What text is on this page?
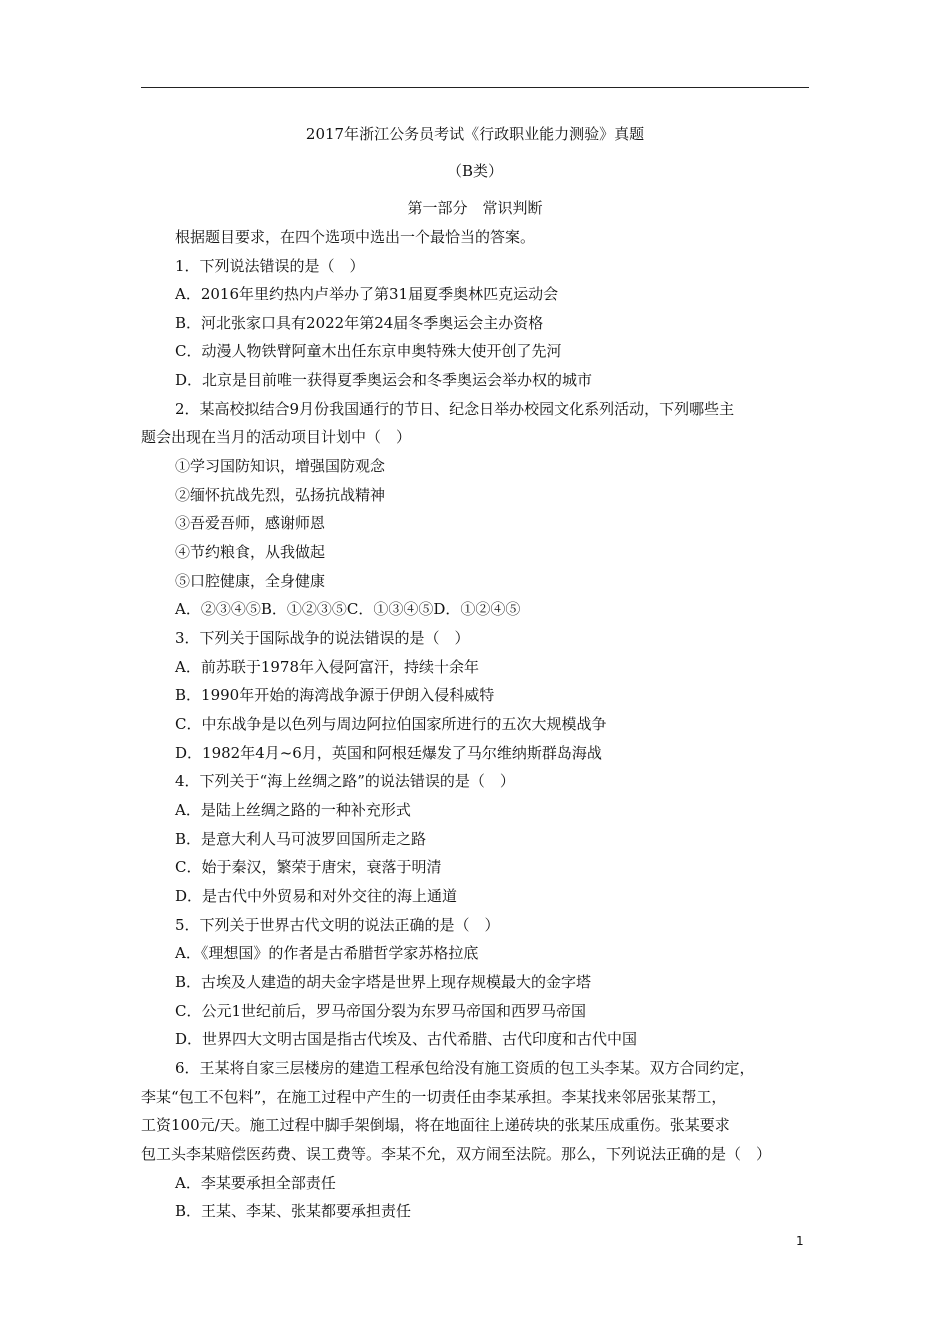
2017年浙江公务员考试《行政职业能力测验》真题
（B类）
第一部分　常识判断
根据题目要求，在四个选项中选出一个最恰当的答案。
1．下列说法错误的是（　）
A．2016年里约热内卢举办了第31届夏季奥林匹克运动会
B．河北张家口具有2022年第24届冬季奥运会主办资格
C．动漫人物铁臂阿童木出任东京申奥特殊大使开创了先河
D．北京是目前唯一获得夏季奥运会和冬季奥运会举办权的城市
2．某高校拟结合9月份我国通行的节日、纪念日举办校园文化系列活动，下列哪些主
题会出现在当月的活动项目计划中（　）
①学习国防知识，增强国防观念
②缅怀抗战先烈，弘扬抗战精神
③吾爱吾师，感谢师恩
④节约粮食，从我做起
⑤口腔健康，全身健康
A．②③④⑤B．①②③⑤C．①③④⑤D．①②④⑤
3．下列关于国际战争的说法错误的是（　）
A．前苏联于1978年入侵阿富汗，持续十余年
B．1990年开始的海湾战争源于伊朗入侵科威特
C．中东战争是以色列与周边阿拉伯国家所进行的五次大规模战争
D．1982年4月~6月，英国和阿根廷爆发了马尔维纳斯群岛海战
4．下列关于“海上丝绸之路”的说法错误的是（　）
A．是陆上丝绸之路的一种补充形式
B．是意大利人马可波罗回国所走之路
C．始于秦汉，繁荣于唐宋，衰落于明清
D．是古代中外贸易和对外交往的海上通道
5．下列关于世界古代文明的说法正确的是（　）
A．《理想国》的作者是古希腊哲学家苏格拉底
B．古埃及人建造的胡夫金字塔是世界上现存规模最大的金字塔
C．公元1世纪前后，罗马帝国分裂为东罗马帝国和西罗马帝国
D．世界四大文明古国是指古代埃及、古代希腊、古代印度和古代中国
6．王某将自家三层楼房的建造工程承包给没有施工资质的包工头李某。双方合同约定，
李某“包工不包料”，在施工过程中产生的一切责任由李某承担。李某找来邻居张某帮工，
工资100元/天。施工过程中脚手架倒塌，将在地面往上递砖块的张某压成重伤。张某要求
包工头李某赔偿医药费、误工费等。李某不允，双方闹至法院。那么，下列说法正确的是（　）
A．李某要承担全部责任
B．王某、李某、张某都要承担责任
1
